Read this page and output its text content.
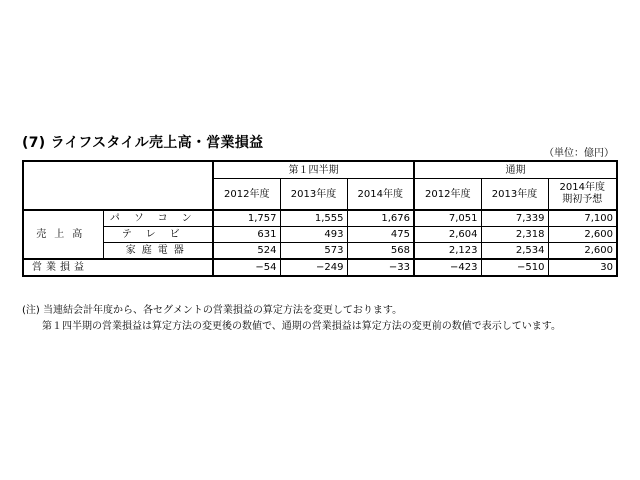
(7) ライフスタイル売上高・営業損益
（単位：億円）
		第１四半期			通期		
		2012年度	2013年度	2014年度	2012年度	2013年度	2014年度
期初予想
売上高	パソコン	1,757	1,555	1,676	7,051	7,339	7,100
	テレビ	631	493	475	2,604	2,318	2,600
	家庭電器	524	573	568	2,123	2,534	2,600
営業損益		−54	−249	−33	−423	−510	30
(注) 当連結会計年度から、各セグメントの営業損益の算定方法を変更しております。
第１四半期の営業損益は算定方法の変更後の数値で、通期の営業損益は算定方法の変更前の数値で表示しています。
